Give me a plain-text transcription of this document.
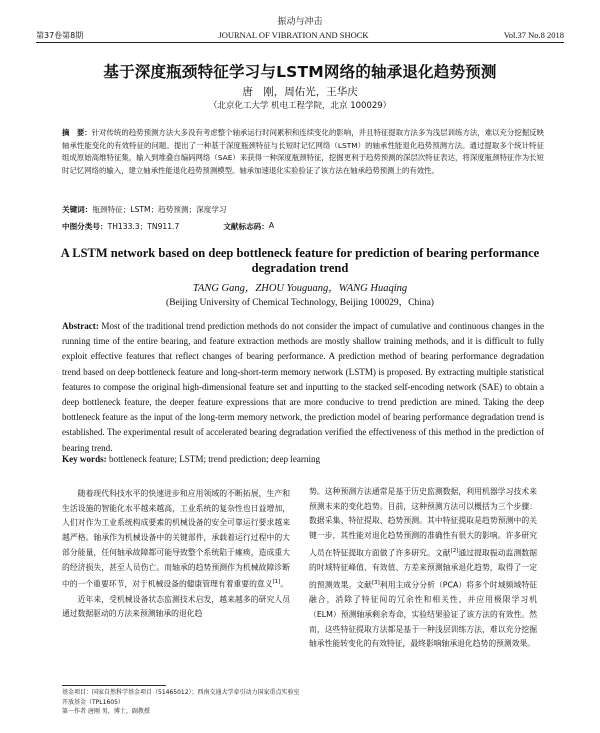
振动与冲击
第37卷第8期	JOURNAL OF VIBRATION AND SHOCK	Vol.37 No.8 2018
基于深度瓶颈特征学习与LSTM网络的轴承退化趋势预测
唐　刚，周佑光，王华庆
（北京化工大学 机电工程学院，北京 100029）
摘　要：针对传统的趋势预测方法大多没有考虑整个轴承运行时间累积和连续变化的影响，并且特征提取方法多为浅层训练方法，难以充分挖掘反映轴承性能变化的有效特征的问题。提出了一种基于深度瓶颈特征与长短时记忆网络（LSTM）的轴承性能退化趋势预测方法。通过提取多个统计特征组成原始高维特征集，输入到堆叠自编码网络（SAE）来获得一种深度瓶颈特征，挖掘更利于趋势预测的深层次特征表达，将深度瓶颈特征作为长短时记忆网络的输入，建立轴承性能退化趋势预测模型。轴承加速退化实验验证了该方法在轴承趋势预测上的有效性。
关键词：瓶颈特征；LSTM；趋势预测；深度学习
中图分类号： TH133.3；TN911.7	文献标志码： A
A LSTM network based on deep bottleneck feature for prediction of bearing performance degradation trend
TANG Gang，ZHOU Youguang，WANG Huaqing
(Beijing University of Chemical Technology, Beijing 100029，China)
Abstract: Most of the traditional trend prediction methods do not consider the impact of cumulative and continuous changes in the running time of the entire bearing, and feature extraction methods are mostly shallow training methods, and it is difficult to fully exploit effective features that reflect changes of bearing performance. A prediction method of bearing performance degradation trend based on deep bottleneck feature and long-short-term memory network (LSTM) is proposed. By extracting multiple statistical features to compose the original high-dimensional feature set and inputting to the stacked self-encoding network (SAE) to obtain a deep bottleneck feature, the deeper feature expressions that are more conducive to trend prediction are mined. Taking the deep bottleneck feature as the input of the long-term memory network, the prediction model of bearing performance degradation trend is established. The experimental result of accelerated bearing degradation verified the effectiveness of this method in the prediction of bearing trend.
Key words: bottleneck feature; LSTM; trend prediction; deep learning

随着现代科技水平的快速进步和应用领域的不断拓展，生产和生活设施的智能化水平越来越高，工业系统的复杂性也日益增加，人们对作为工业系统构成要素的机械设备的安全可靠运行要求越来越严格。轴承作为机械设备中的关键部件，承载着运行过程中的大部分能量，任何轴承故障都可能导致整个系统陷于瘫痪，造成重大的经济损失，甚至人员伤亡。而轴承的趋势预测作为机械故障诊断中的一个重要环节，对于机械设备的健康管理有着重要的意义[1]。

近年来，受机械设备状态监测技术启发，越来越多的研究人员通过数据驱动的方法来预测轴承的退化趋

势。这种预测方法通常是基于历史监测数据，利用机器学习技术来预测未来的变化趋势。目前，这种预测方法可以概括为三个步骤：数据采集、特征提取、趋势预测。其中特征提取是趋势预测中的关键一步，其性能对退化趋势预测的准确性有很大的影响。许多研究人员在特征提取方面做了许多研究。文献[2]通过提取振动监测数据的时域特征峰值、有效值、方差来预测轴承退化趋势，取得了一定的预测效果。文献[3]利用主成分分析（PCA）将多个时域频域特征融合，消除了特征间的冗余性和相关性，并应用极限学习机（ELM）预测轴承剩余寿命，实验结果验证了该方法的有效性。然而，这些特征提取方法都是基于一种浅层训练方法，难以充分挖掘轴承性能转变化的有效特征，最终影响轴承退化趋势的预测效果。

基金项目：国家自然科学基金项目（51465012）；西南交通大学牵引动力国家重点实验室开放基金（TPL1605）
第一作者 唐刚 男，博士，副教授
